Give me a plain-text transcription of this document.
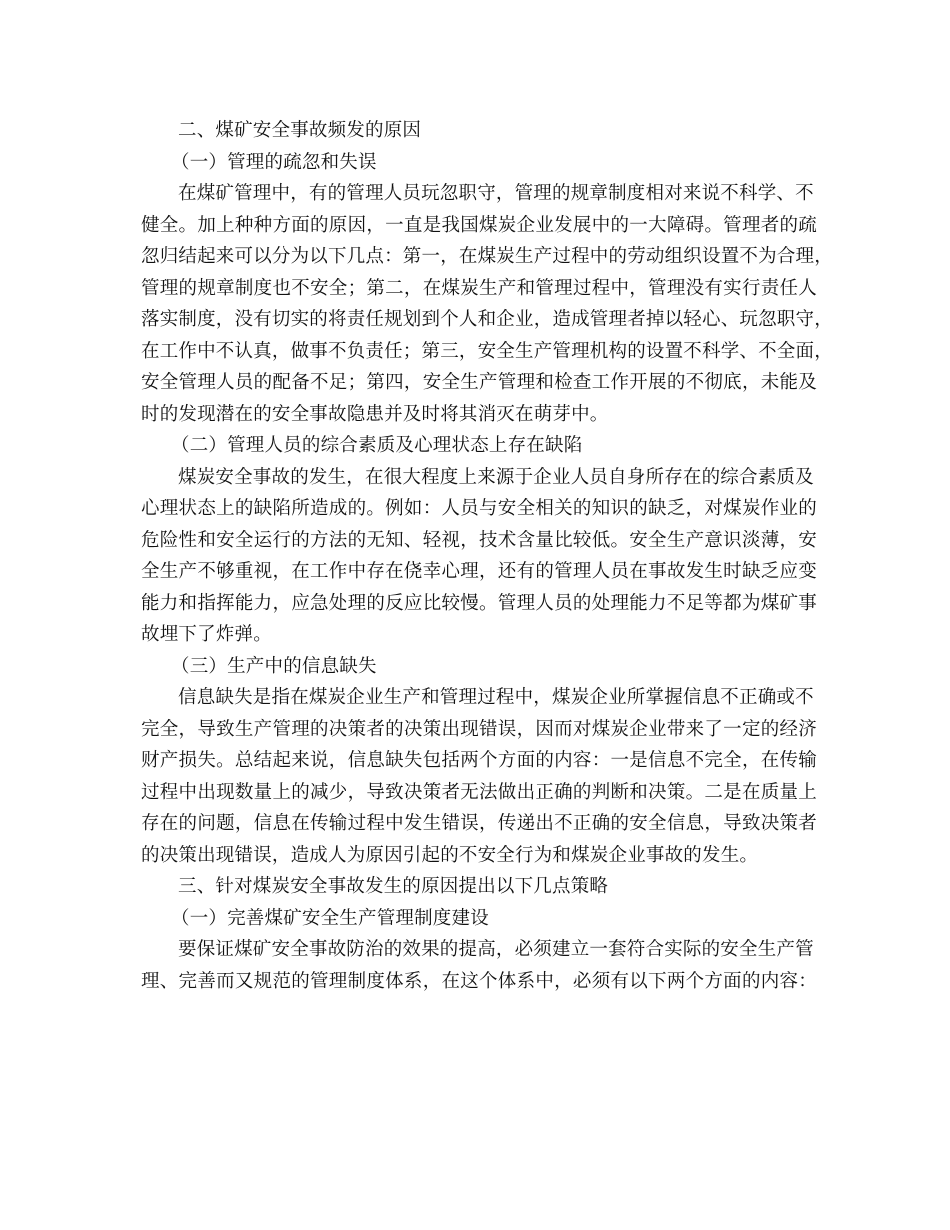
二、煤矿安全事故频发的原因
（一）管理的疏忽和失误
在煤矿管理中，有的管理人员玩忽职守，管理的规章制度相对来说不科学、不
健全。加上种种方面的原因，一直是我国煤炭企业发展中的一大障碍。管理者的疏
忽归结起来可以分为以下几点：第一，在煤炭生产过程中的劳动组织设置不为合理，
管理的规章制度也不安全；第二，在煤炭生产和管理过程中，管理没有实行责任人
落实制度，没有切实的将责任规划到个人和企业，造成管理者掉以轻心、玩忽职守，
在工作中不认真，做事不负责任；第三，安全生产管理机构的设置不科学、不全面，
安全管理人员的配备不足；第四，安全生产管理和检查工作开展的不彻底，未能及
时的发现潜在的安全事故隐患并及时将其消灭在萌芽中。
（二）管理人员的综合素质及心理状态上存在缺陷
煤炭安全事故的发生，在很大程度上来源于企业人员自身所存在的综合素质及
心理状态上的缺陷所造成的。例如：人员与安全相关的知识的缺乏，对煤炭作业的
危险性和安全运行的方法的无知、轻视，技术含量比较低。安全生产意识淡薄，安
全生产不够重视，在工作中存在侥幸心理，还有的管理人员在事故发生时缺乏应变
能力和指挥能力，应急处理的反应比较慢。管理人员的处理能力不足等都为煤矿事
故埋下了炸弹。
（三）生产中的信息缺失
信息缺失是指在煤炭企业生产和管理过程中，煤炭企业所掌握信息不正确或不
完全，导致生产管理的决策者的决策出现错误，因而对煤炭企业带来了一定的经济
财产损失。总结起来说，信息缺失包括两个方面的内容：一是信息不完全，在传输
过程中出现数量上的减少，导致决策者无法做出正确的判断和决策。二是在质量上
存在的问题，信息在传输过程中发生错误，传递出不正确的安全信息，导致决策者
的决策出现错误，造成人为原因引起的不安全行为和煤炭企业事故的发生。
三、针对煤炭安全事故发生的原因提出以下几点策略
（一）完善煤矿安全生产管理制度建设
要保证煤矿安全事故防治的效果的提高，必须建立一套符合实际的安全生产管
理、完善而又规范的管理制度体系，在这个体系中，必须有以下两个方面的内容：
